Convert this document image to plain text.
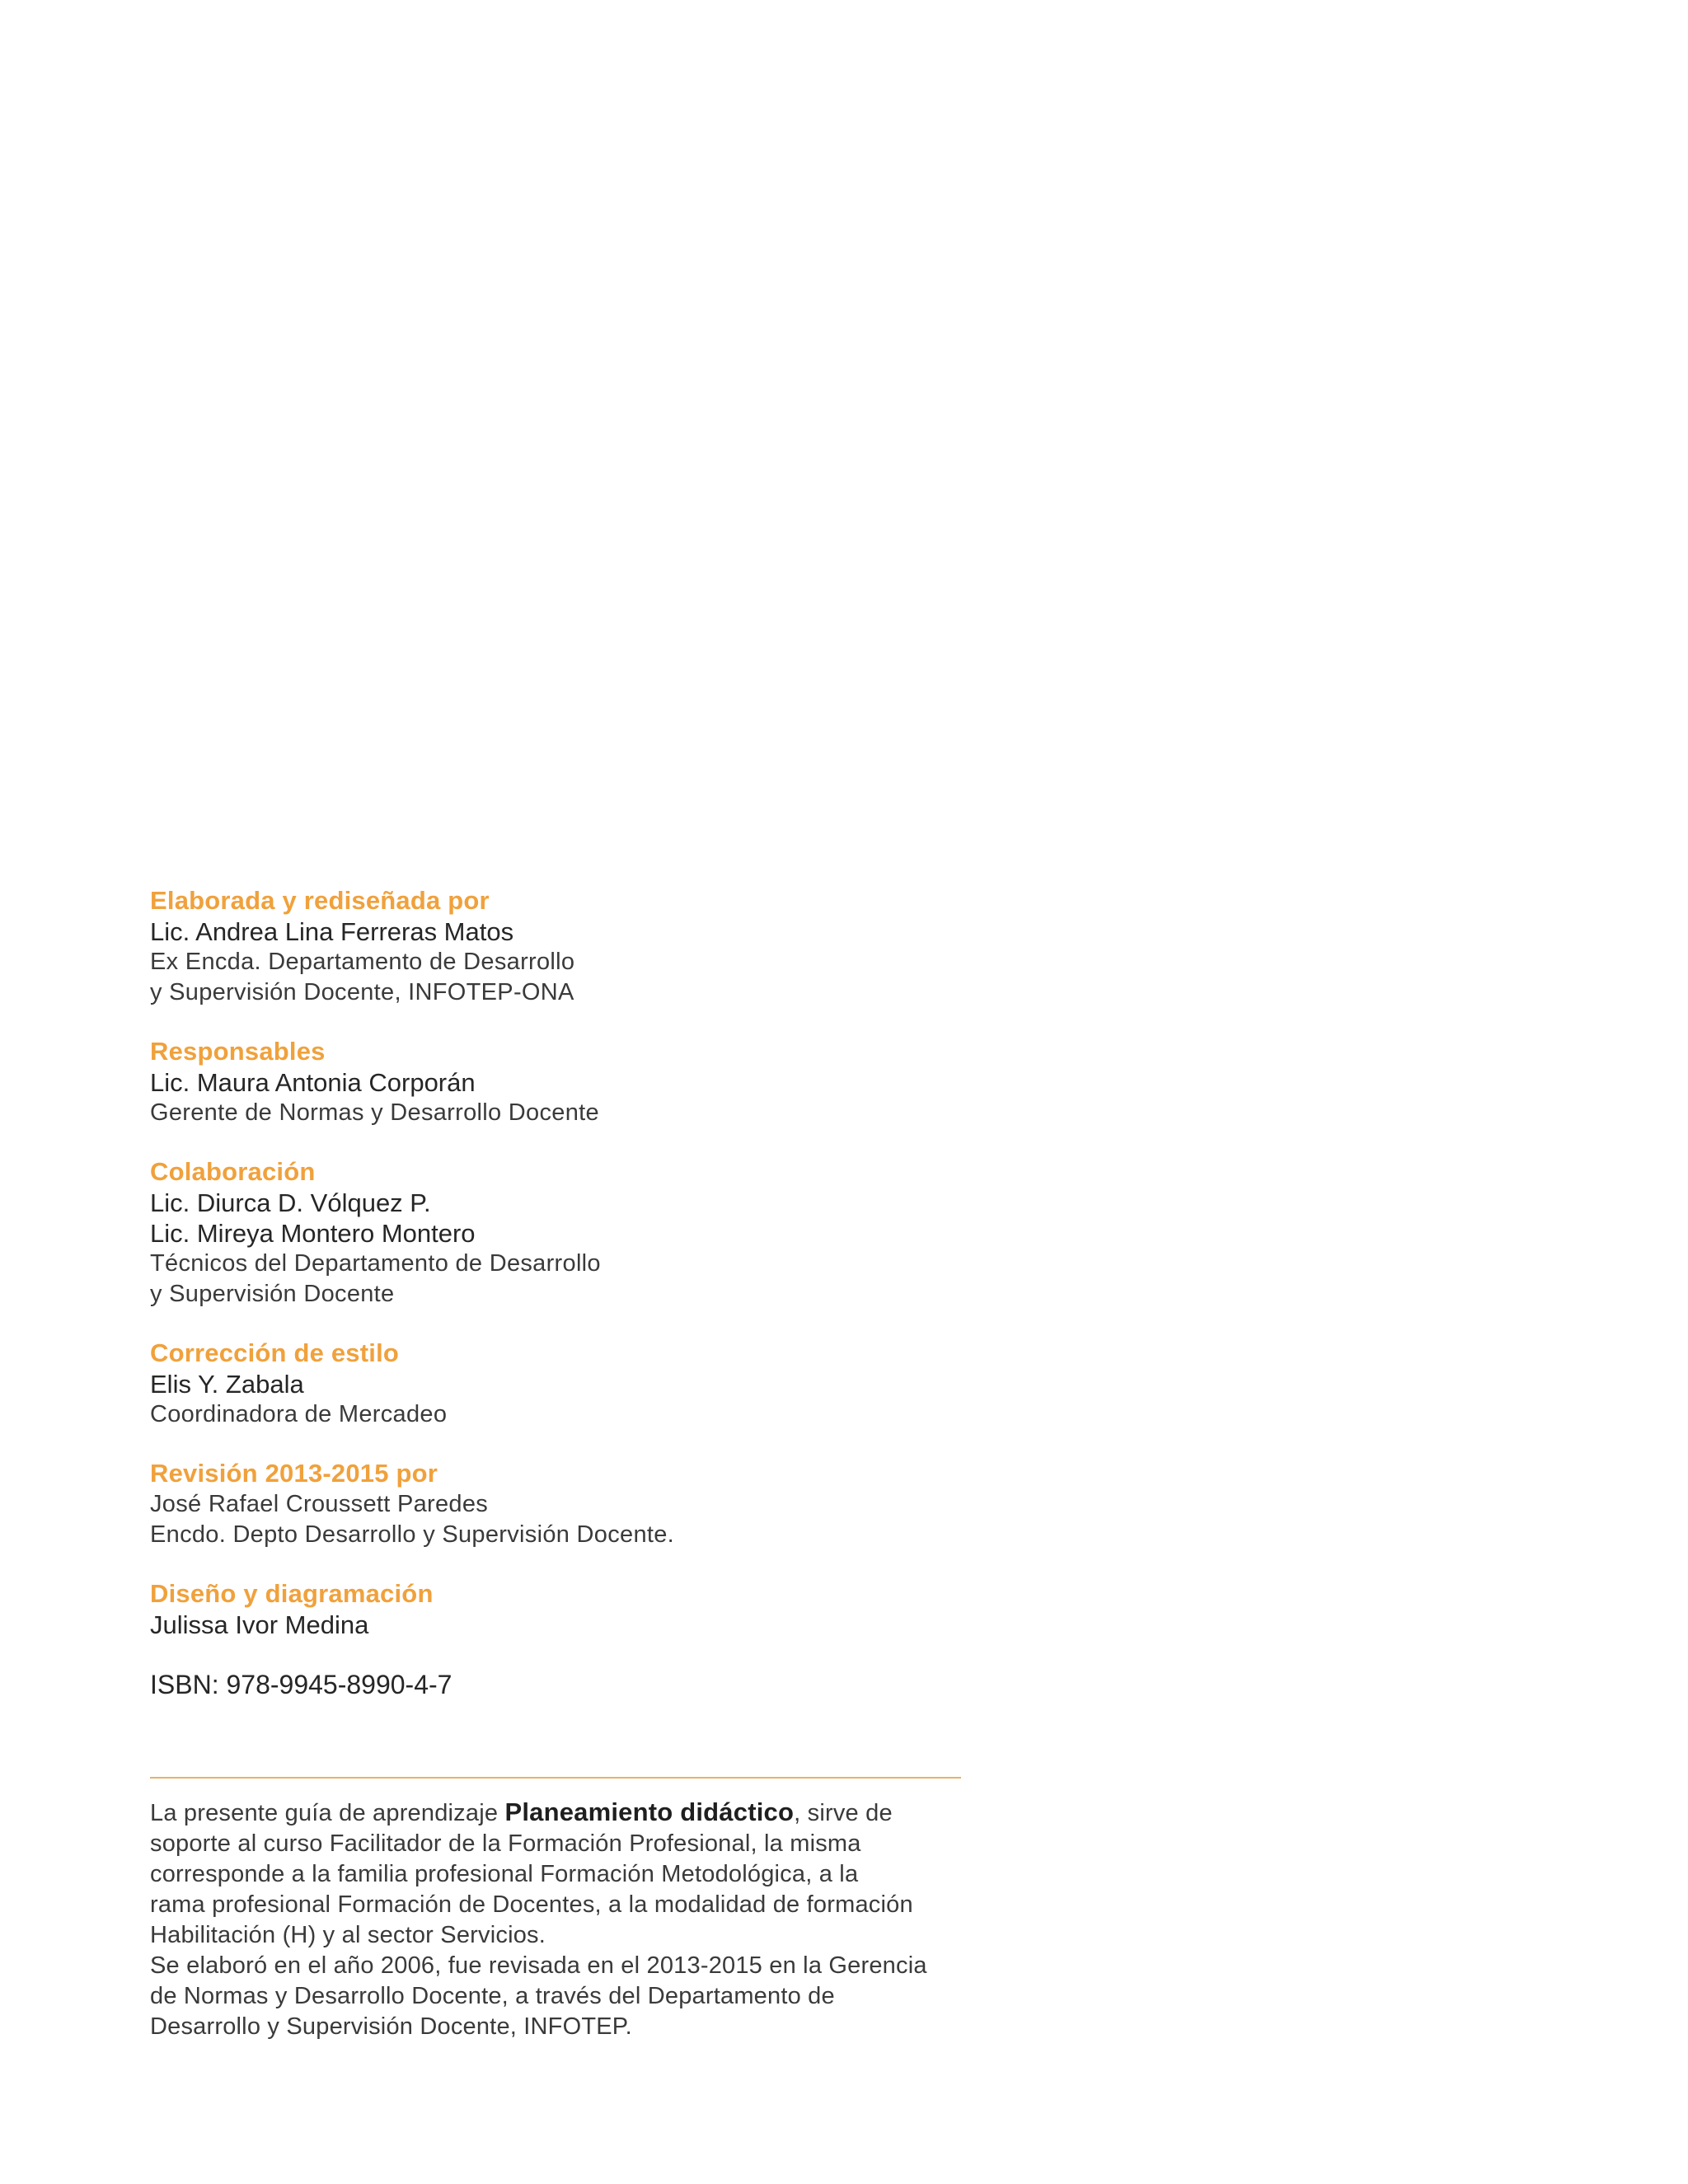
Elaborada y rediseñada por
Lic. Andrea Lina Ferreras Matos
Ex Encda. Departamento de Desarrollo
y Supervisión Docente, INFOTEP-ONA
Responsables
Lic. Maura Antonia Corporán
Gerente de Normas y Desarrollo Docente
Colaboración
Lic. Diurca D. Vólquez P.
Lic. Mireya Montero Montero
Técnicos del Departamento de Desarrollo
y Supervisión Docente
Corrección de estilo
Elis Y. Zabala
Coordinadora de Mercadeo
Revisión 2013-2015 por
José Rafael Croussett Paredes
Encdo. Depto Desarrollo y Supervisión Docente.
Diseño y diagramación
Julissa Ivor Medina
ISBN: 978-9945-8990-4-7

La presente guía de aprendizaje Planeamiento didáctico, sirve de

soporte al curso Facilitador de la Formación Profesional, la misma

corresponde a la familia profesional Formación Metodológica, a la

rama profesional Formación de Docentes, a la modalidad de formación

Habilitación (H) y al sector Servicios.

Se elaboró en el año 2006, fue revisada en el 2013-2015 en la Gerencia

de Normas y Desarrollo Docente, a través del Departamento de

Desarrollo y Supervisión Docente, INFOTEP.
